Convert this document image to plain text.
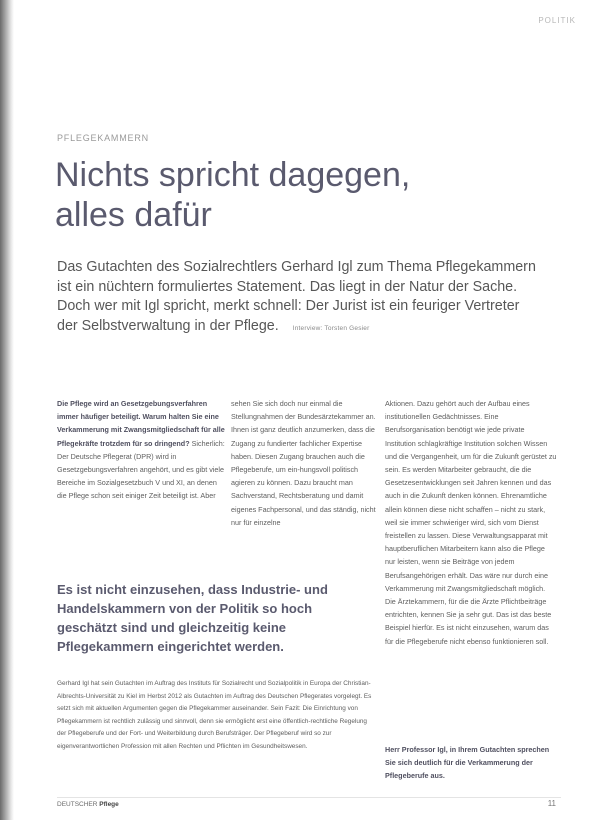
POLITIK
PFLEGEKAMMERN
Nichts spricht dagegen,
alles dafür

Das Gutachten des Sozialrechtlers Gerhard Igl zum Thema Pflegekammern ist ein nüchtern formuliertes Statement. Das liegt in der Natur der Sache. Doch wer mit Igl spricht, merkt schnell: Der Jurist ist ein feuriger Vertreter der Selbstverwaltung in der Pflege. Interview: Torsten Gesier

Die Pflege wird an Gesetzgebungsverfahren immer häufiger beteiligt. Warum halten Sie eine Verkammerung mit Zwangsmitgliedschaft für alle Pflegekräfte trotzdem für so dringend? Sicherlich: Der Deutsche Pflegerat (DPR) wird in Gesetzgebungsverfahren angehört, und es gibt viele Bereiche im Sozialgesetzbuch V und XI, an denen die Pflege schon seit einiger Zeit beteiligt ist. Aber
sehen Sie sich doch nur einmal die Stellungnahmen der Bundesärztekammer an. Ihnen ist ganz deutlich anzumerken, dass die Zugang zu fundierter fachlicher Expertise haben. Diesen Zugang brauchen auch die Pflegeberufe, um ein-hungsvoll politisch agieren zu können. Dazu braucht man Sachverstand, Rechtsberatung und damit eigenes Fachpersonal, und das ständig, nicht nur für einzelne
Aktionen. Dazu gehört auch der Aufbau eines institutionellen Gedächtnisses. Eine Berufsorganisation benötigt wie jede private Institution schlagkräftige Institution solchen Wissen und die Vergangenheit, um für die Zukunft gerüstet zu sein. Es werden Mitarbeiter gebraucht, die die Gesetzesentwicklungen seit Jahren kennen und das auch in die Zukunft denken können. Ehrenamtliche allein können diese nicht schaffen – nicht zu stark, weil sie immer schwieriger wird, sich vom Dienst freistellen zu lassen. Diese Verwaltungsapparat mit hauptberuflichen Mitarbeitern kann also die Pflege nur leisten, wenn sie Beiträge von jedem Berufsangehörigen erhält. Das wäre nur durch eine Verkammerung mit Zwangsmitgliedschaft möglich. Die Ärztekammern, für die die Ärzte Pflichtbeiträge entrichten, kennen Sie ja sehr gut. Das ist das beste Beispiel hierfür. Es ist nicht einzusehen, warum das für die Pflegeberufe nicht ebenso funktionieren soll.
Es ist nicht einzusehen, dass Industrie- und Handelskammern von der Politik so hoch geschätzt sind und gleichzeitig keine Pflegekammern eingerichtet werden.
Gerhard Igl hat sein Gutachten im Auftrag des Instituts für Sozialrecht und Sozialpolitik in Europa der Christian-Albrechts-Universität zu Kiel im Herbst 2012 als Gutachten im Auftrag des Deutschen Pflegerates vorgelegt. Es setzt sich mit aktuellen Argumenten gegen die Pflegekammer auseinander. Sein Fazit: Die Einrichtung von Pflegekammern ist rechtlich zulässig und sinnvoll, denn sie ermöglicht erst eine öffentlich-rechtliche Regelung der Pflegeberufe und der Fort- und Weiterbildung durch Berufsträger. Der Pflegeberuf wird so zur eigenverantwortlichen Profession mit allen Rechten und Pflichten im Gesundheitswesen.	Herr Professor Igl, in Ihrem Gutachten sprechen Sie sich deutlich für die Verkammerung der Pflegeberufe aus.
DEUTSCHER Pflege	11
